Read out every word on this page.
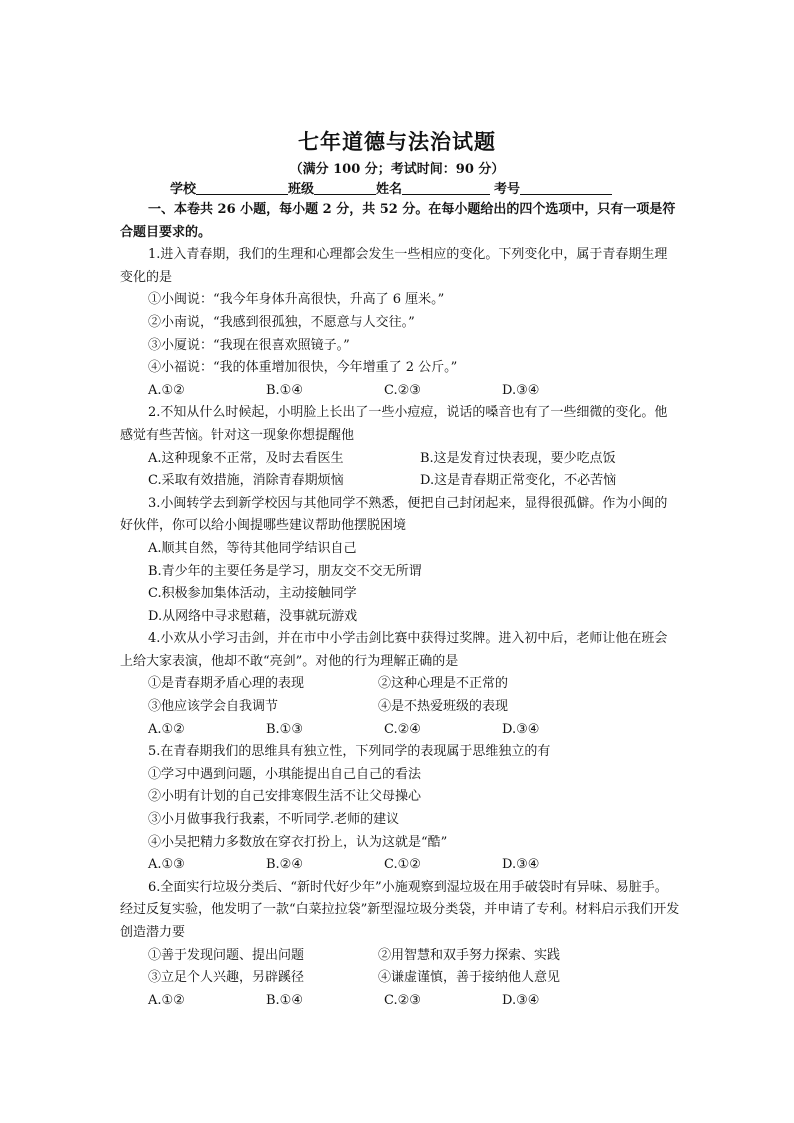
七年道德与法治试题
（满分 100 分；考试时间：90 分）
学校	班级	姓名	考号
一、本卷共 26 小题，每小题 2 分，共 52 分。在每小题给出的四个选项中，只有一项是符合题目要求的。
1.进入青春期，我们的生理和心理都会发生一些相应的变化。下列变化中，属于青春期生理变化的是
①小闽说：“我今年身体升高很快，升高了 6 厘米。”
②小南说，“我感到很孤独，不愿意与人交往。”
③小厦说：“我现在很喜欢照镜子。”
④小福说：“我的体重增加很快，今年增重了 2 公斤。”
A.①②	B.①④	C.②③	D.③④
2.不知从什么时候起，小明脸上长出了一些小痘痘，说话的嗓音也有了一些细微的变化。他感觉有些苦恼。针对这一现象你想提醒他
A.这种现象不正常，及时去看医生	B.这是发育过快表现，要少吃点饭
C.采取有效措施，消除青春期烦恼	D.这是青春期正常变化，不必苦恼
3.小闽转学去到新学校因与其他同学不熟悉，便把自己封闭起来，显得很孤僻。作为小闽的好伙伴，你可以给小闽提哪些建议帮助他摆脱困境
A.顺其自然，等待其他同学结识自己
B.青少年的主要任务是学习，朋友交不交无所谓
C.积极参加集体活动，主动接触同学
D.从网络中寻求慰藉，没事就玩游戏
4.小欢从小学习击剑，并在市中小学击剑比赛中获得过奖牌。进入初中后，老师让他在班会上给大家表演，他却不敢“亮剑”。对他的行为理解正确的是
①是青春期矛盾心理的表现	②这种心理是不正常的
③他应该学会自我调节	④是不热爱班级的表现
A.①②	B.①③	C.②④	D.③④
5.在青春期我们的思维具有独立性，下列同学的表现属于思维独立的有
①学习中遇到问题，小琪能提出自己自己的看法
②小明有计划的自己安排寒假生活不让父母操心
③小月做事我行我素，不听同学.老师的建议
④小吴把精力多数放在穿衣打扮上，认为这就是“酷”
A.①③	B.②④	C.①②	D.③④
6.全面实行垃圾分类后、“新时代好少年”小施观察到湿垃圾在用手破袋时有异味、易脏手。经过反复实验，他发明了一款“白菜拉拉袋”新型湿垃圾分类袋，并申请了专利。材料启示我们开发创造潜力要
①善于发现问题、提出问题	②用智慧和双手努力探索、实践
③立足个人兴趣，另辟蹊径	④谦虚谨慎，善于接纳他人意见
A.①②	B.①④	C.②③	D.③④
